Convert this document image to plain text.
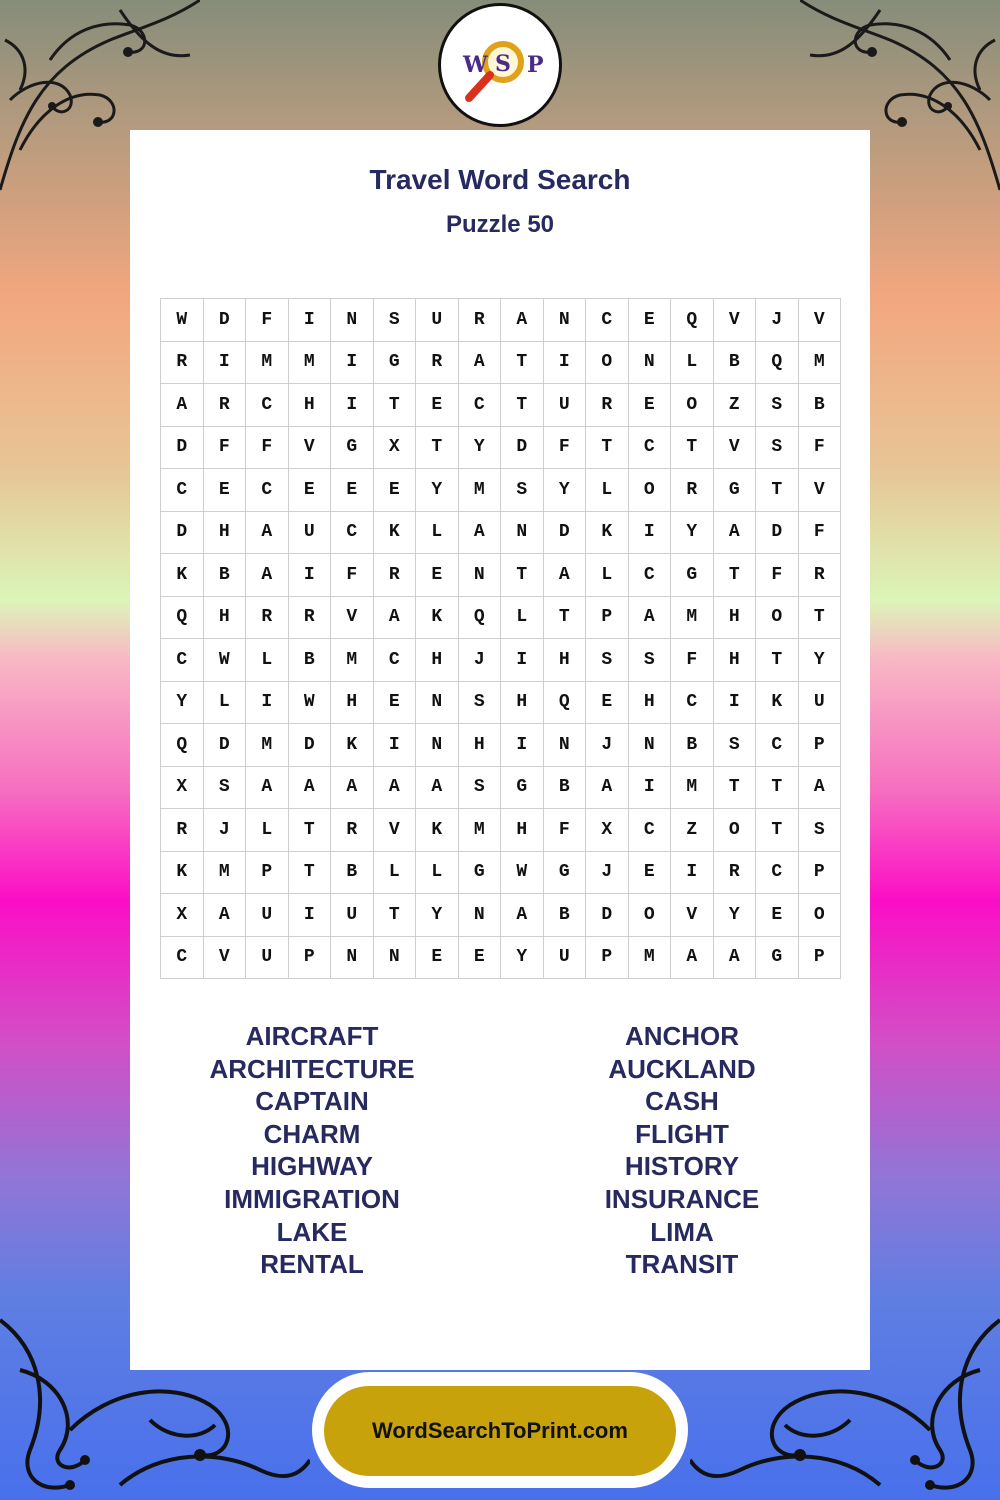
W S P
Travel Word Search
Puzzle 50
W	D	F	I	N	S	U	R	A	N	C	E	Q	V	J	V
R	I	M	M	I	G	R	A	T	I	O	N	L	B	Q	M
A	R	C	H	I	T	E	C	T	U	R	E	O	Z	S	B
D	F	F	V	G	X	T	Y	D	F	T	C	T	V	S	F
C	E	C	E	E	E	Y	M	S	Y	L	O	R	G	T	V
D	H	A	U	C	K	L	A	N	D	K	I	Y	A	D	F
K	B	A	I	F	R	E	N	T	A	L	C	G	T	F	R
Q	H	R	R	V	A	K	Q	L	T	P	A	M	H	O	T
C	W	L	B	M	C	H	J	I	H	S	S	F	H	T	Y
Y	L	I	W	H	E	N	S	H	Q	E	H	C	I	K	U
Q	D	M	D	K	I	N	H	I	N	J	N	B	S	C	P
X	S	A	A	A	A	A	S	G	B	A	I	M	T	T	A
R	J	L	T	R	V	K	M	H	F	X	C	Z	O	T	S
K	M	P	T	B	L	L	G	W	G	J	E	I	R	C	P
X	A	U	I	U	T	Y	N	A	B	D	O	V	Y	E	O
C	V	U	P	N	N	E	E	Y	U	P	M	A	A	G	P
AIRCRAFT	ANCHOR
ARCHITECTURE	AUCKLAND
CAPTAIN	CASH
CHARM	FLIGHT
HIGHWAY	HISTORY
IMMIGRATION	INSURANCE
LAKE	LIMA
RENTAL	TRANSIT
WordSearchToPrint.com
